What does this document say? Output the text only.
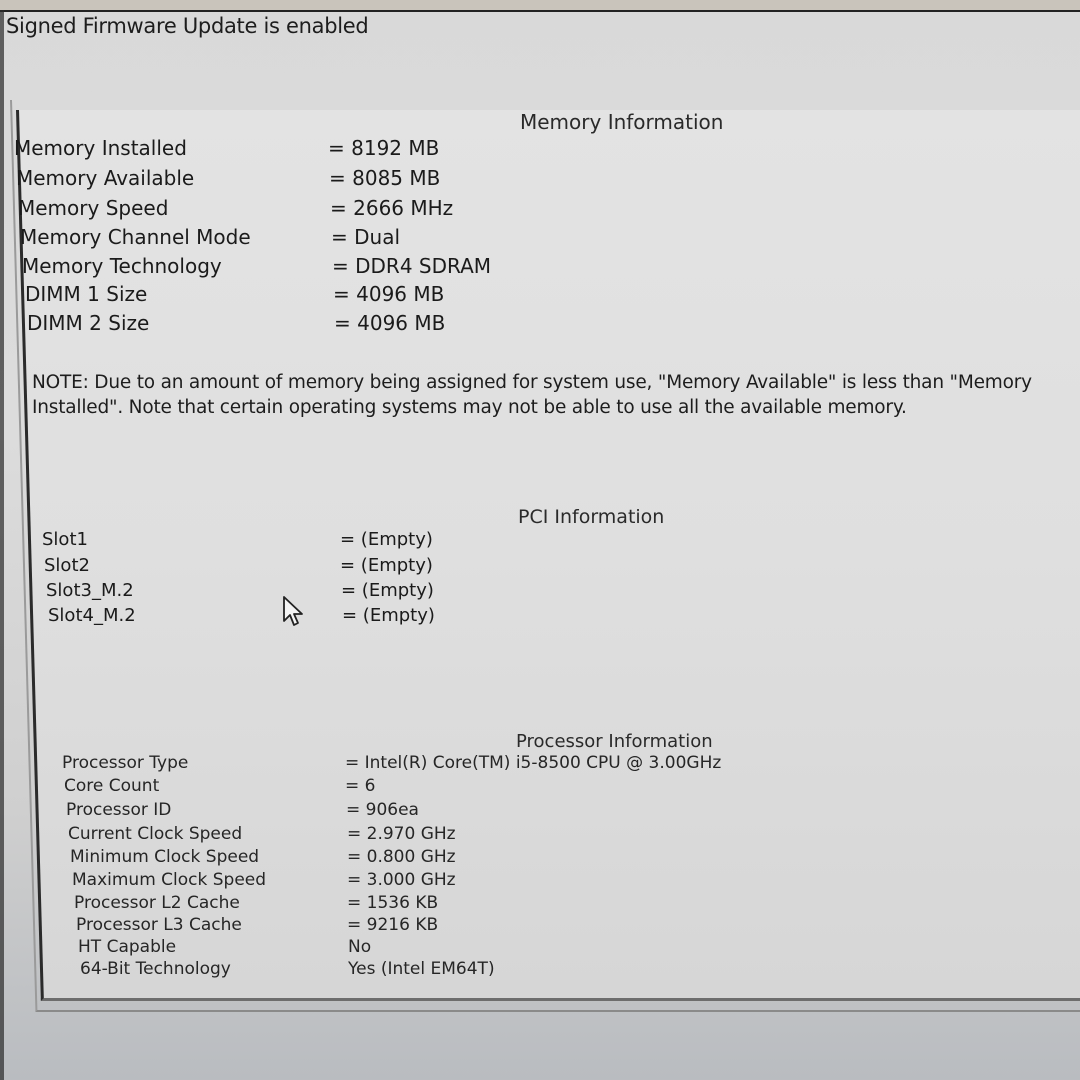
Signed Firmware Update is enabled
Memory Information
Memory Installed	= 8192 MB
Memory Available	= 8085 MB
Memory Speed	= 2666 MHz
Memory Channel Mode	= Dual
Memory Technology	= DDR4 SDRAM
DIMM 1 Size	= 4096 MB
DIMM 2 Size	= 4096 MB
NOTE: Due to an amount of memory being assigned for system use, "Memory Available" is less than "Memory Installed". Note that certain operating systems may not be able to use all the available memory.
PCI Information
Slot1	= (Empty)
Slot2	= (Empty)
Slot3_M.2	= (Empty)
Slot4_M.2	= (Empty)
Processor Information
Processor Type	= Intel(R) Core(TM) i5-8500 CPU @ 3.00GHz
Core Count	= 6
Processor ID	= 906ea
Current Clock Speed	= 2.970 GHz
Minimum Clock Speed	= 0.800 GHz
Maximum Clock Speed	= 3.000 GHz
Processor L2 Cache	= 1536 KB
Processor L3 Cache	= 9216 KB
HT Capable	No
64-Bit Technology	Yes (Intel EM64T)
